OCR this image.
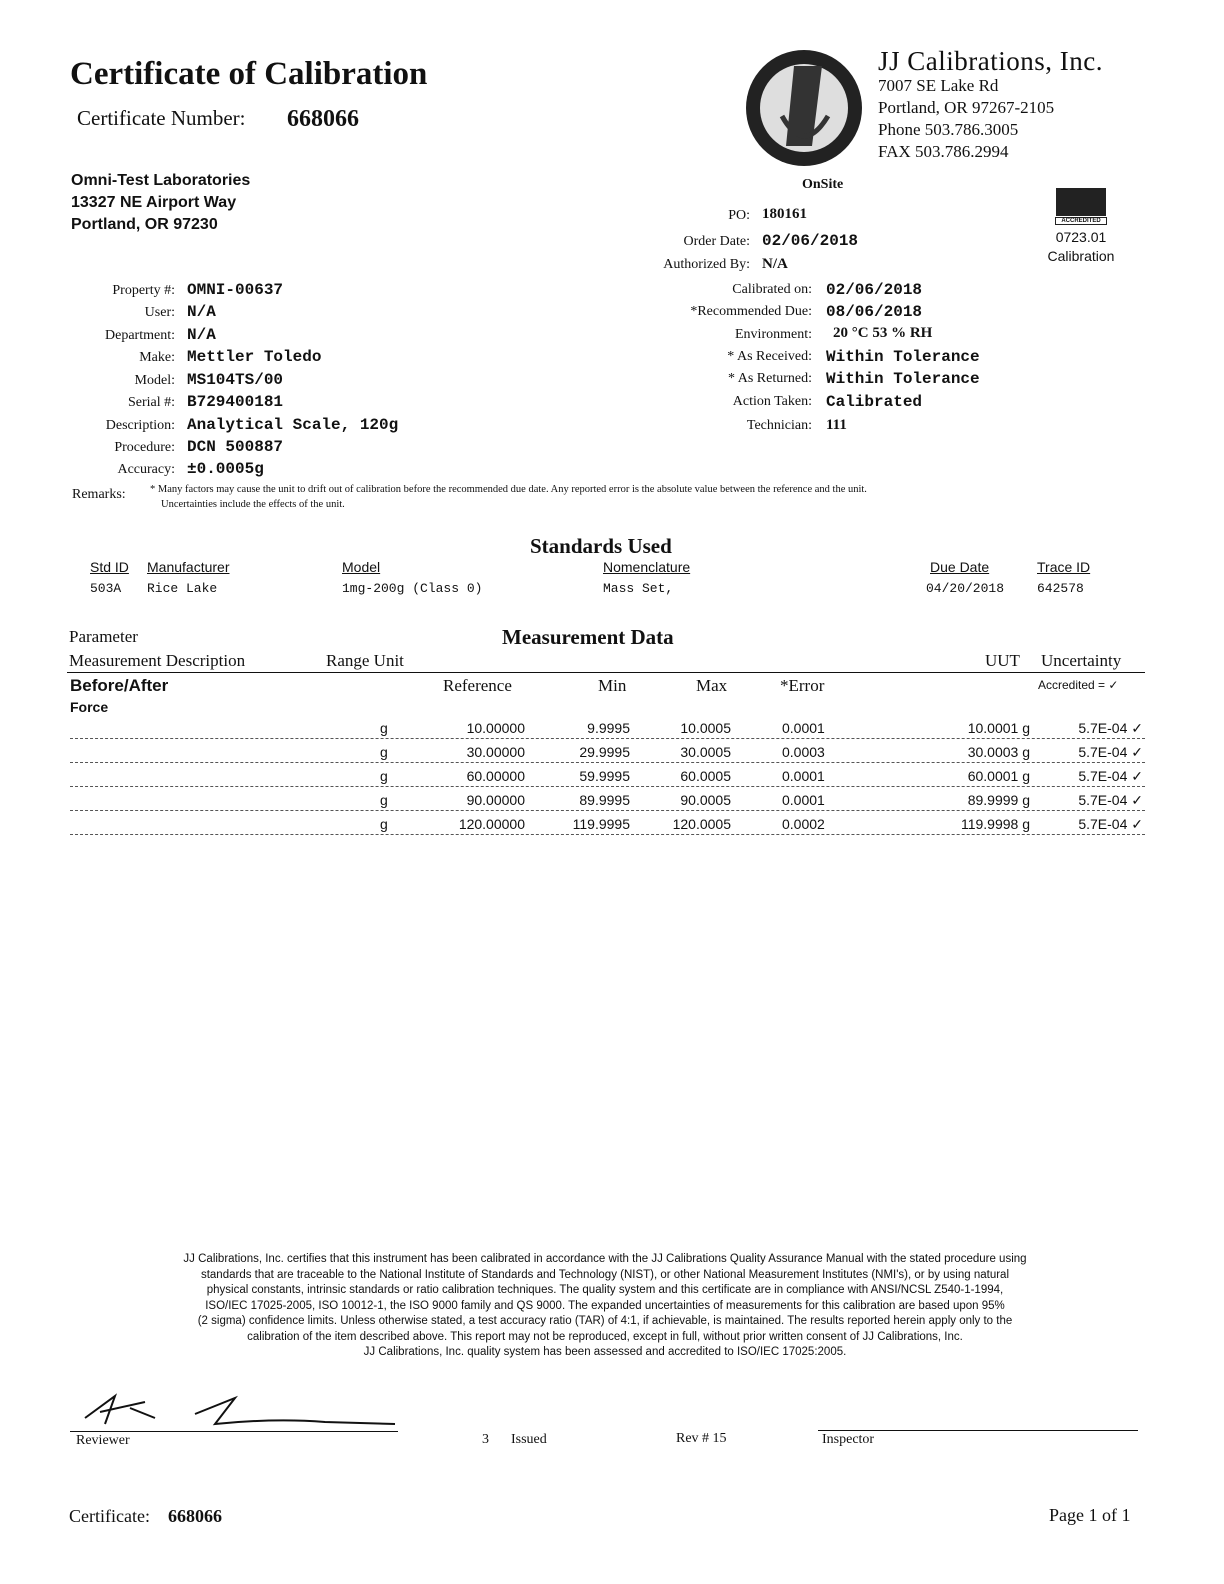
Certificate of Calibration
Certificate Number: 668066
JJ Calibrations, Inc.
7007 SE Lake Rd
Portland, OR 97267-2105
Phone 503.786.3005
FAX 503.786.2994
Omni-Test Laboratories
13327 NE Airport Way
Portland, OR 97230
OnSite
ACCREDITED
0723.01
Calibration
PO: 180161
Order Date: 02/06/2018
Authorized By: N/A
Property #: OMNI-00637
User: N/A
Department: N/A
Make: Mettler Toledo
Model: MS104TS/00
Serial #: B729400181
Description: Analytical Scale, 120g
Procedure: DCN 500887
Accuracy: ±0.0005g
Calibrated on: 02/06/2018
*Recommended Due: 08/06/2018
Environment: 20 °C 53 % RH
* As Received: Within Tolerance
* As Returned: Within Tolerance
Action Taken: Calibrated
Technician: 111
Remarks: * Many factors may cause the unit to drift out of calibration before the recommended due date. Any reported error is the absolute value between the reference and the unit.
Uncertainties include the effects of the unit.
Standards Used
Std ID Manufacturer	Model	Nomenclature	Due Date	Trace ID
503A Rice Lake	1mg-200g (Class 0)	Mass Set,	04/20/2018	642578
Parameter	Measurement Data
Measurement Description	Range Unit	UUT Uncertainty
Before/After	Reference	Min	Max	*Error	Accredited = ✓
Force
JJ Calibrations, Inc. certifies that this instrument has been calibrated in accordance with the JJ Calibrations Quality Assurance Manual with the stated procedure using
standards that are traceable to the National Institute of Standards and Technology (NIST), or other National Measurement Institutes (NMI's), or by using natural
physical constants, intrinsic standards or ratio calibration techniques. The quality system and this certificate are in compliance with ANSI/NCSL Z540-1-1994,
ISO/IEC 17025-2005, ISO 10012-1, the ISO 9000 family and QS 9000. The expanded uncertainties of measurements for this calibration are based upon 95%
(2 sigma) confidence limits. Unless otherwise stated, a test accuracy ratio (TAR) of 4:1, if achievable, is maintained. The results reported herein apply only to the
calibration of the item described above. This report may not be reproduced, except in full, without prior written consent of JJ Calibrations, Inc.
JJ Calibrations, Inc. quality system has been assessed and accredited to ISO/IEC 17025:2005.
Reviewer	3 Issued	Rev # 15	Inspector
Certificate: 668066	Page 1 of 1
g	10.00000	9.9995	10.0005	0.0001	10.0001 g	5.7E-04 ✓
g	30.00000	29.9995	30.0005	0.0003	30.0003 g	5.7E-04 ✓
g	60.00000	59.9995	60.0005	0.0001	60.0001 g	5.7E-04 ✓
g	90.00000	89.9995	90.0005	0.0001	89.9999 g	5.7E-04 ✓
g	120.00000	119.9995	120.0005	0.0002	119.9998 g	5.7E-04 ✓
